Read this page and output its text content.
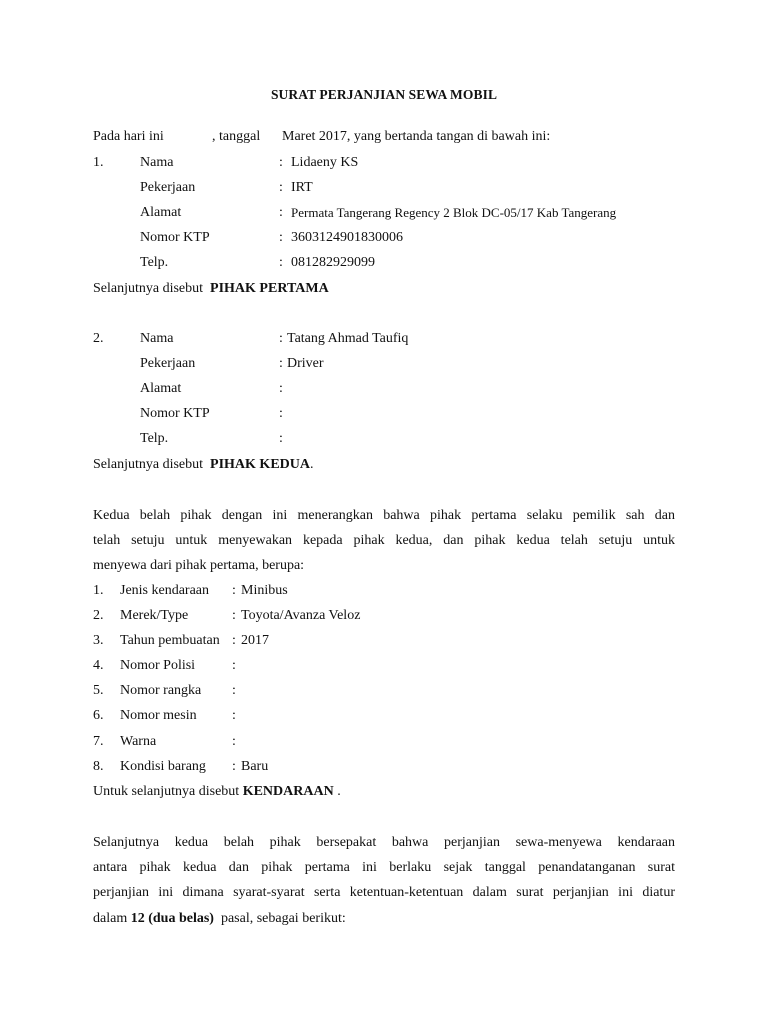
SURAT PERJANJIAN SEWA MOBIL
Pada hari ini	, tanggal Maret 2017, yang bertanda tangan di bawah ini:
1.	Nama	: Lidaeny KS
Pekerjaan	: IRT
Alamat	: Permata Tangerang Regency 2 Blok DC-05/17 Kab Tangerang
Nomor KTP	: 3603124901830006
Telp.	: 081282929099
Selanjutnya disebut PIHAK PERTAMA
2.	Nama	: Tatang Ahmad Taufiq
Pekerjaan	: Driver
Alamat	:
Nomor KTP	:
Telp.	:
Selanjutnya disebut PIHAK KEDUA.
Kedua belah pihak dengan ini menerangkan bahwa pihak pertama selaku pemilik sah dan
telah setuju untuk menyewakan kepada pihak kedua, dan pihak kedua telah setuju untuk
menyewa dari pihak pertama, berupa:
1. Jenis kendaraan : Minibus
2. Merek/Type	: Toyota/Avanza Veloz
3. Tahun pembuatan : 2017
4. Nomor Polisi	:
5. Nomor rangka :
6. Nomor mesin	:
7. Warna	:
8. Kondisi barang : Baru
Untuk selanjutnya disebut KENDARAAN .
Selanjutnya kedua belah pihak bersepakat bahwa perjanjian sewa-menyewa kendaraan
antara pihak kedua dan pihak pertama ini berlaku sejak tanggal penandatanganan surat
perjanjian ini dimana syarat-syarat serta ketentuan-ketentuan dalam surat perjanjian ini diatur
dalam 12 (dua belas) pasal, sebagai berikut:
